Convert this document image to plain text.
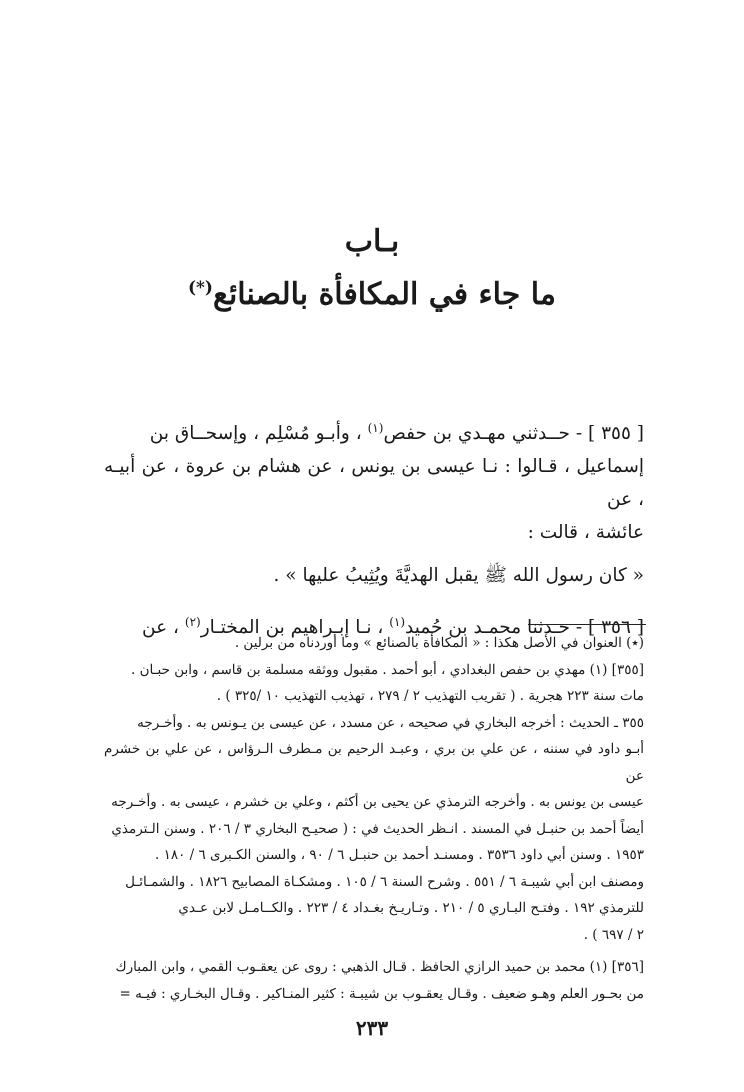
بـاب
ما جاء في المكافأة بالصنائع(*)

[ ٣٥٥ ] - حــدثني مهـدي بن حفص$^{(١)}$ ، وأبـو مُسْلِم ، وإسحــاق بن

إسماعيل ، قـالوا : نـا عيسى بن يونس ، عن هشام بن عروة ، عن أبيـه ، عن

عائشة ، قالت :

« كان رسول الله ﷺ يقبل الهديَّةَ ويُثِيبُ عليها » .

[ ٣٥٦ ] - حـدثنا محمـد بن حُميد$^{(١)}$ ، نـا إبـراهيم بن المختـار$^{(٢)}$ ، عن

(٭) العنوان في الأصل هكذا : « المكافأة بالصنائع » وما أوردناه من برلين .

[٣٥٥] (١) مهدي بن حفص البغدادي ، أبو أحمد . مقبول ووثقه مسلمة بن قاسم ، وابن حبـان .

مات سنة ٢٢٣ هجرية . ( تقريب التهذيب ٢ / ٢٧٩ ، تهذيب التهذيب ١٠ /٣٢٥ ) .

٣٥٥ ـ الحديث : أخرجه البخاري في صحيحه ، عن مسدد ، عن عيسى بن يـونس به . وأخـرجه

أبـو داود في سننه ، عن علي بن بري ، وعبـد الرحيم بن مـطرف الـرؤاس ، عن علي بن خشرم عن

عيسى بن يونس به . وأخرجه الترمذي عن يحيى بن أكثم ، وعلي بن خشرم ، عيسى به . وأخـرجه

أيضاً أحمد بن حنبـل في المسند . انـظر الحديث في : ( صحيـح البخاري ٣ / ٢٠٦ . وسنن الـترمذي

١٩٥٣ . وسنن أبي داود ٣٥٣٦ . ومسنـد أحمد بن حنبـل ٦ / ٩٠ ، والسنن الكـبرى ٦ / ١٨٠ .

ومصنف ابن أبي شيبـة ٦ / ٥٥١ . وشرح السنة ٦ / ١٠٥ . ومشكـاة المصابيح ١٨٢٦ . والشمـائـل

للترمذي ١٩٢ . وفتـح البـاري ٥ / ٢١٠ . وتـاريـخ بغـداد ٤ / ٢٢٣ . والكــامـل لابن عـدي

٢ / ٦٩٧ ) .

[٣٥٦] (١) محمد بن حميد الرازي الحافظ . قـال الذهبي : روى عن يعقـوب القمي ، وابن المبارك

من بحـور العلم وهـو ضعيف . وقـال يعقـوب بن شيبـة : كثير المنـاكير . وقـال البخـاري : فيـه =

٢٣٣
